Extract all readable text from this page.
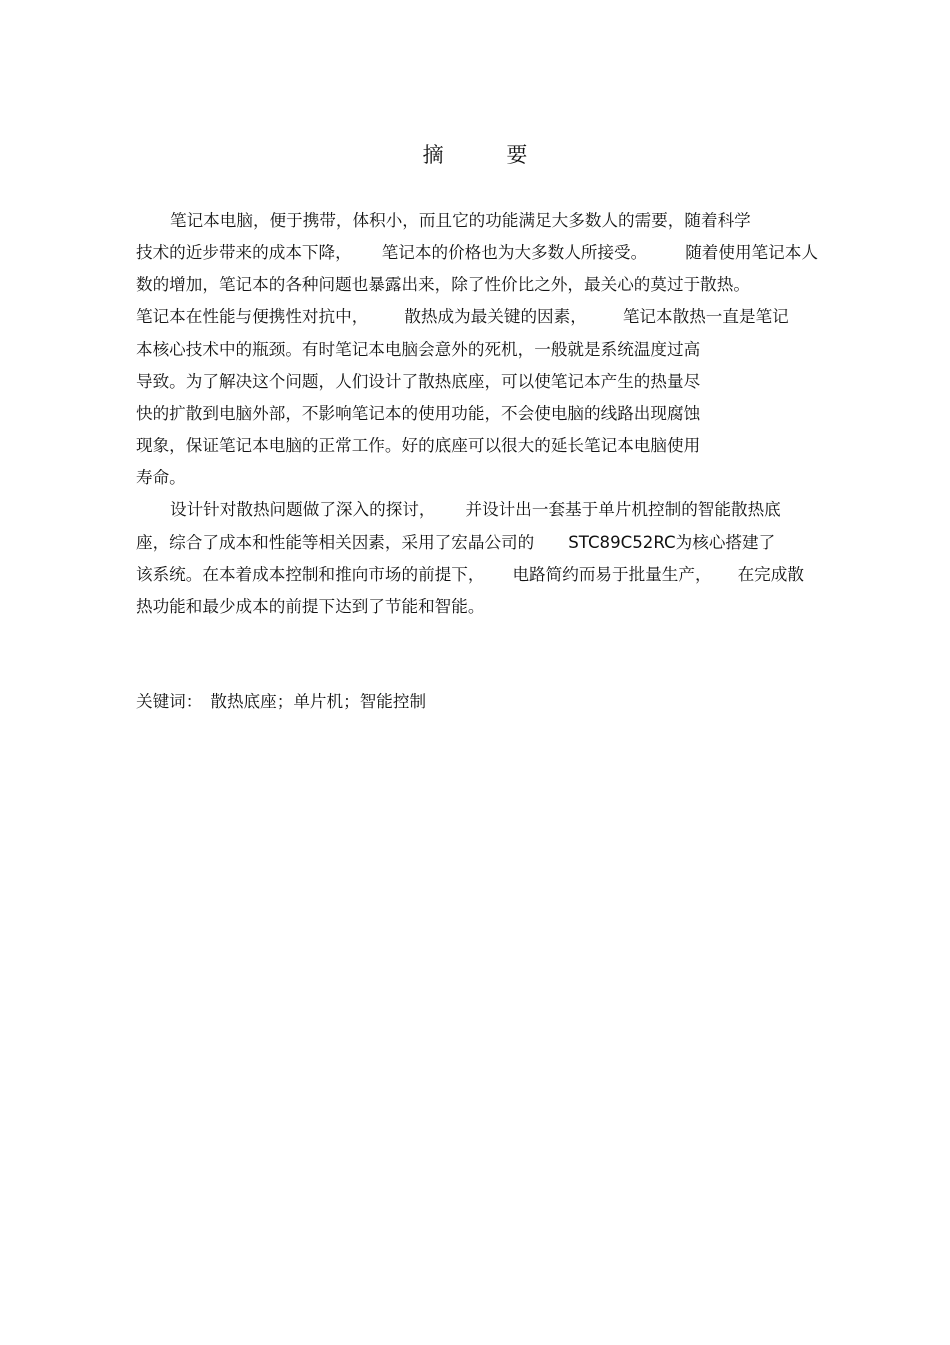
摘 要
笔记本电脑，便于携带，体积小，而且它的功能满足大多数人的需要，随着科学
技术的近步带来的成本下降， 笔记本的价格也为大多数人所接受。 随着使用笔记本人
数的增加，笔记本的各种问题也暴露出来，除了性价比之外，最关心的莫过于散热。
笔记本在性能与便携性对抗中， 散热成为最关键的因素， 笔记本散热一直是笔记
本核心技术中的瓶颈。有时笔记本电脑会意外的死机，一般就是系统温度过高
导致。为了解决这个问题，人们设计了散热底座，可以使笔记本产生的热量尽
快的扩散到电脑外部，不影响笔记本的使用功能，不会使电脑的线路出现腐蚀
现象，保证笔记本电脑的正常工作。好的底座可以很大的延长笔记本电脑使用
寿命。
设计针对散热问题做了深入的探讨， 并设计出一套基于单片机控制的智能散热底
座，综合了成本和性能等相关因素，采用了宏晶公司的 STC89C52RC为核心搭建了
该系统。在本着成本控制和推向市场的前提下， 电路简约而易于批量生产， 在完成散
热功能和最少成本的前提下达到了节能和智能。
关键词： 散热底座；单片机；智能控制
